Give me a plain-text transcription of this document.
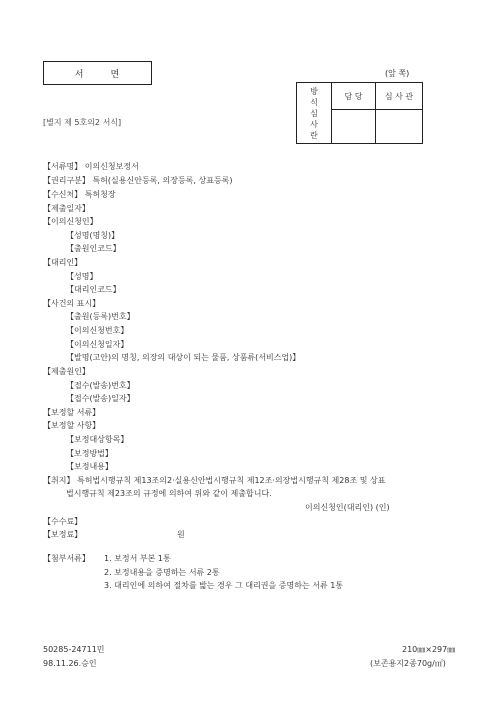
서	면	(앞 쪽)
[별지 제 5호의2 서식]
방
식
심
사
란	담 당	심 사 관

【서류명】 이의신청보정서
【권리구분】 특허(실용신안등록, 의장등록, 상표등록)
【수신처】 특허청장
【제출일자】
【이의신청인】
【성명(명칭)】
【출원인코드】
【대리인】
【성명】
【대리인코드】
【사건의 표시】
【출원(등록)번호】
【이의신청번호】
【이의신청일자】
【발명(고안)의 명칭, 의장의 대상이 되는 물품, 상품류(서비스업)】
【제출원인】
【접수(발송)번호】
【접수(발송)일자】
【보정할 서류】
【보정할 사항】
【보정대상항목】
【보정방법】
【보정내용】
【취지】 특허법시행규칙 제13조의2·실용신안법시행규칙 제12조·의장법시행규칙 제28조 및 상표
법시행규칙 제23조의 규정에 의하여 위와 같이 제출합니다.
이의신청인(대리인) (인)
【수수료】
【보정료】	원
【첨부서류】 1. 보정서 부본 1통
2. 보정내용을 증명하는 서류 2통
3. 대리인에 의하여 절차를 밟는 경우 그 대리권을 증명하는 서류 1통
50285-24711민
98.11.26.승인
210㎜×297㎜
(보존용지2종70g/㎡)
